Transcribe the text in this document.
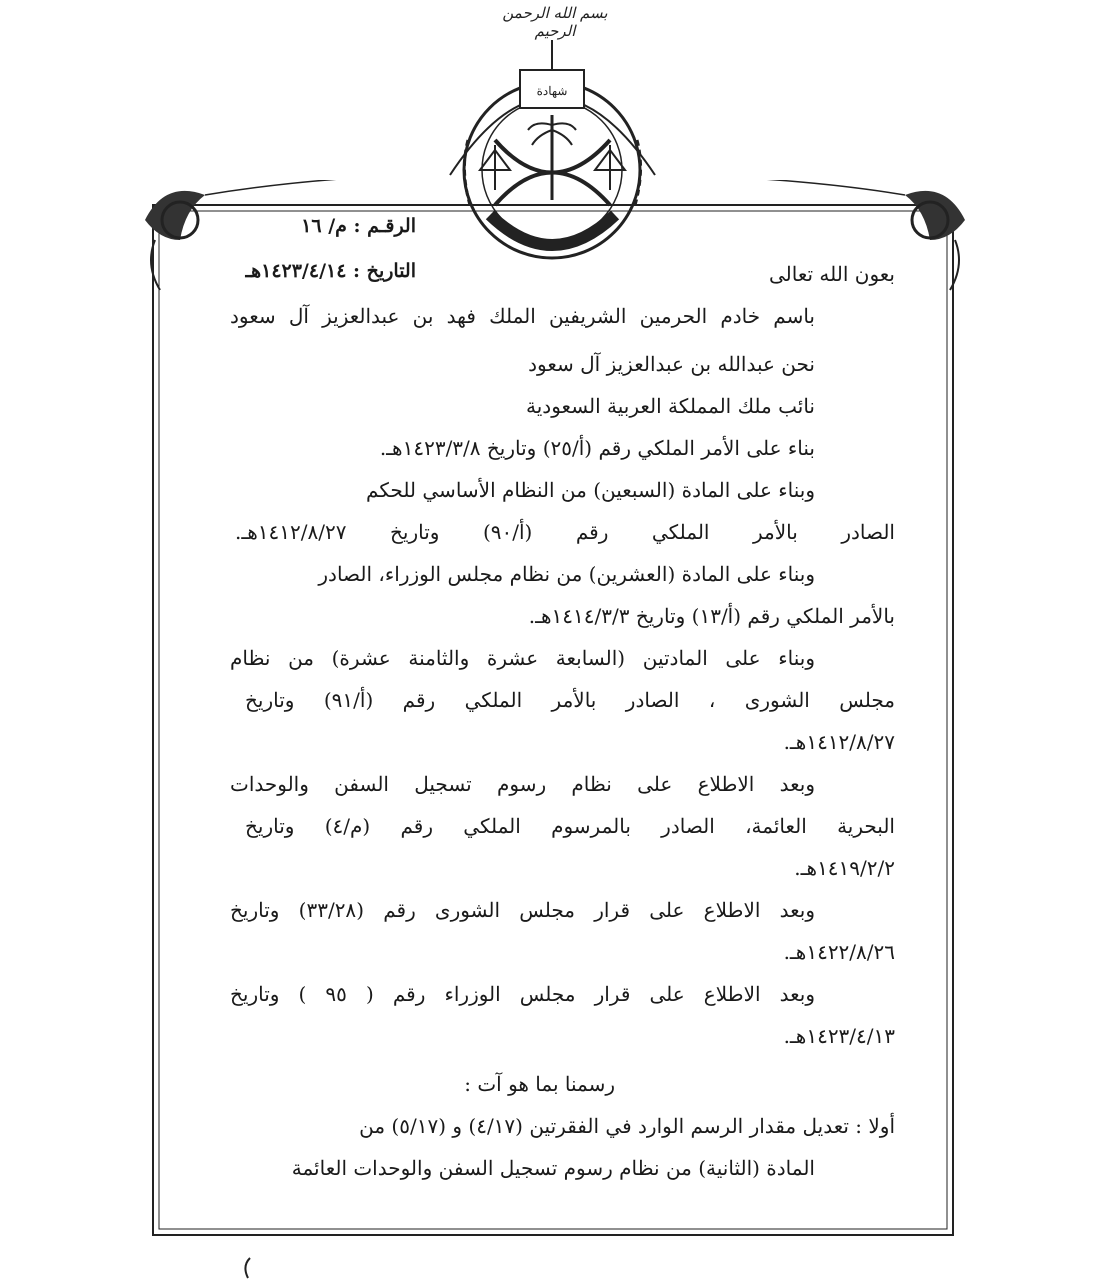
بسم الله الرحمن الرحيم
شهادة
الرقـم : م/ ١٦
التاريخ : ١٤٢٣/٤/١٤هـ	بعون الله تعالى
باسم خادم الحرمين الشريفين الملك فهد بن عبدالعزيز آل سعود
نحن عبدالله بن عبدالعزيز آل سعود
نائب ملك المملكة العربية السعودية
بناء على الأمر الملكي رقم (أ/٢٥) وتاريخ ١٤٢٣/٣/٨هـ.
وبناء على المادة (السبعين) من النظام الأساسي للحكم
الصادر بالأمر الملكي رقم (أ/٩٠) وتاريخ ١٤١٢/٨/٢٧هـ.
وبناء على المادة (العشرين) من نظام مجلس الوزراء، الصادر
بالأمر الملكي رقم (أ/١٣) وتاريخ ١٤١٤/٣/٣هـ.
وبناء على المادتين (السابعة عشرة والثامنة عشرة) من نظام
مجلس الشورى ، الصادر بالأمر الملكي رقم (أ/٩١) وتاريخ
١٤١٢/٨/٢٧هـ.
وبعد الاطلاع على نظام رسوم تسجيل السفن والوحدات
البحرية العائمة، الصادر بالمرسوم الملكي رقم (م/٤) وتاريخ
١٤١٩/٢/٢هـ.
وبعد الاطلاع على قرار مجلس الشورى رقم (٣٣/٢٨) وتاريخ
١٤٢٢/٨/٢٦هـ.
وبعد الاطلاع على قرار مجلس الوزراء رقم ( ٩٥ ) وتاريخ
١٤٢٣/٤/١٣هـ.
رسمنا بما هو آت :
أولا : تعديل مقدار الرسم الوارد في الفقرتين (٤/١٧) و (٥/١٧) من
المادة (الثانية) من نظام رسوم تسجيل السفن والوحدات العائمة
